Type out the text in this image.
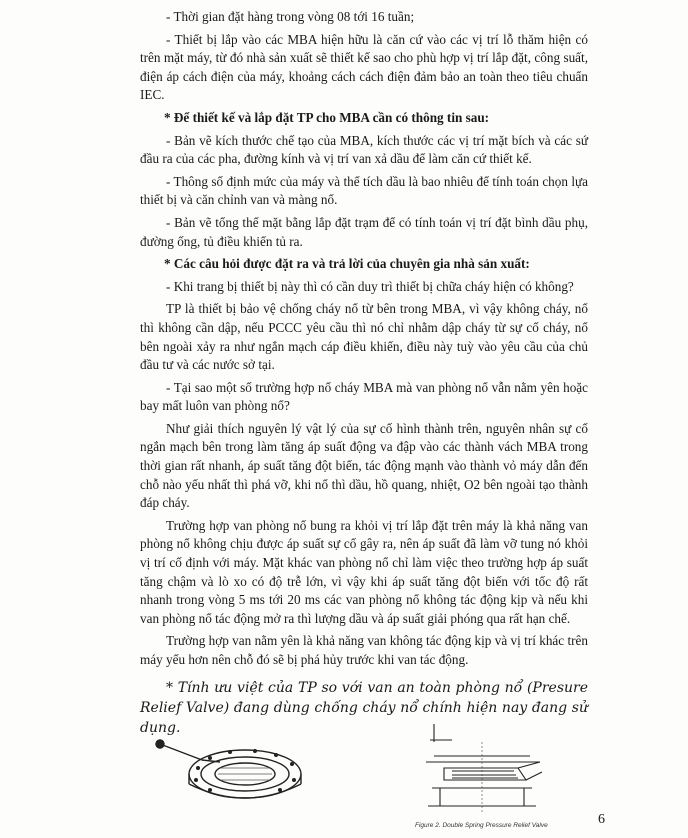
- Thời gian đặt hàng trong vòng 08 tới 16 tuần;

- Thiết bị lắp vào các MBA hiện hữu là căn cứ vào các vị trí lỗ thăm hiện có trên mặt máy, từ đó nhà sản xuất sẽ thiết kế sao cho phù hợp vị trí lắp đặt, công suất, điện áp cách điện của máy, khoảng cách cách điện đảm bảo an toàn theo tiêu chuẩn IEC.

* Để thiết kế và lắp đặt TP cho MBA cần có thông tin sau:

- Bản vẽ kích thước chế tạo của MBA, kích thước các vị trí mặt bích và các sứ đầu ra của các pha, đường kính và vị trí van xả dầu để làm căn cứ thiết kế.

- Thông số định mức của máy và thể tích dầu là bao nhiêu để tính toán chọn lựa thiết bị và căn chỉnh van và màng nổ.

- Bản vẽ tổng thể mặt bằng lắp đặt trạm để có tính toán vị trí đặt bình dầu phụ, đường ống, tủ điều khiển tủ ra.

* Các câu hỏi được đặt ra và trả lời của chuyên gia nhà sản xuất:

- Khi trang bị thiết bị này thì có cần duy trì thiết bị chữa cháy hiện có không?

TP là thiết bị bảo vệ chống cháy nổ từ bên trong MBA, vì vậy không cháy, nổ thì không cần dập, nếu PCCC yêu cầu thì nó chỉ nhằm dập cháy từ sự cố cháy, nổ bên ngoài xảy ra như ngắn mạch cáp điều khiển, điều này tuỳ vào yêu cầu của chủ đầu tư và các nước sở tại.

- Tại sao một số trường hợp nổ cháy MBA mà van phòng nổ vẫn nằm yên hoặc bay mất luôn van phòng nổ?

Như giải thích nguyên lý vật lý của sự cố hình thành trên, nguyên nhân sự cố ngắn mạch bên trong làm tăng áp suất động va đập vào các thành vách MBA trong thời gian rất nhanh, áp suất tăng đột biến, tác động mạnh vào thành vỏ máy dẫn đến chỗ nào yếu nhất thì phá vỡ, khi nổ thì dầu, hồ quang, nhiệt, O2 bên ngoài tạo thành đáp cháy.

Trường hợp van phòng nổ bung ra khỏi vị trí lắp đặt trên máy là khả năng van phòng nổ không chịu được áp suất sự cố gây ra, nên áp suất đã làm vỡ tung nó khỏi vị trí cố định với máy. Mặt khác van phòng nổ chỉ làm việc theo trường hợp áp suất tăng chậm và lò xo có độ trễ lớn, vì vậy khi áp suất tăng đột biến với tốc độ rất nhanh trong vòng 5 ms tới 20 ms các van phòng nổ không tác động kịp và nếu khi van phòng nổ tác động mở ra thì lượng dầu và áp suất giải phóng qua rất hạn chế.

Trường hợp van nằm yên là khả năng van không tác động kịp và vị trí khác trên máy yếu hơn nên chỗ đó sẽ bị phá hủy trước khi van tác động.

* Tính ưu việt của TP so với van an toàn phòng nổ (Presure Relief Valve) đang dùng chống cháy nổ chính hiện nay đang sử dụng.

Figure 2. Double Spring Pressure Relief Valve	6
